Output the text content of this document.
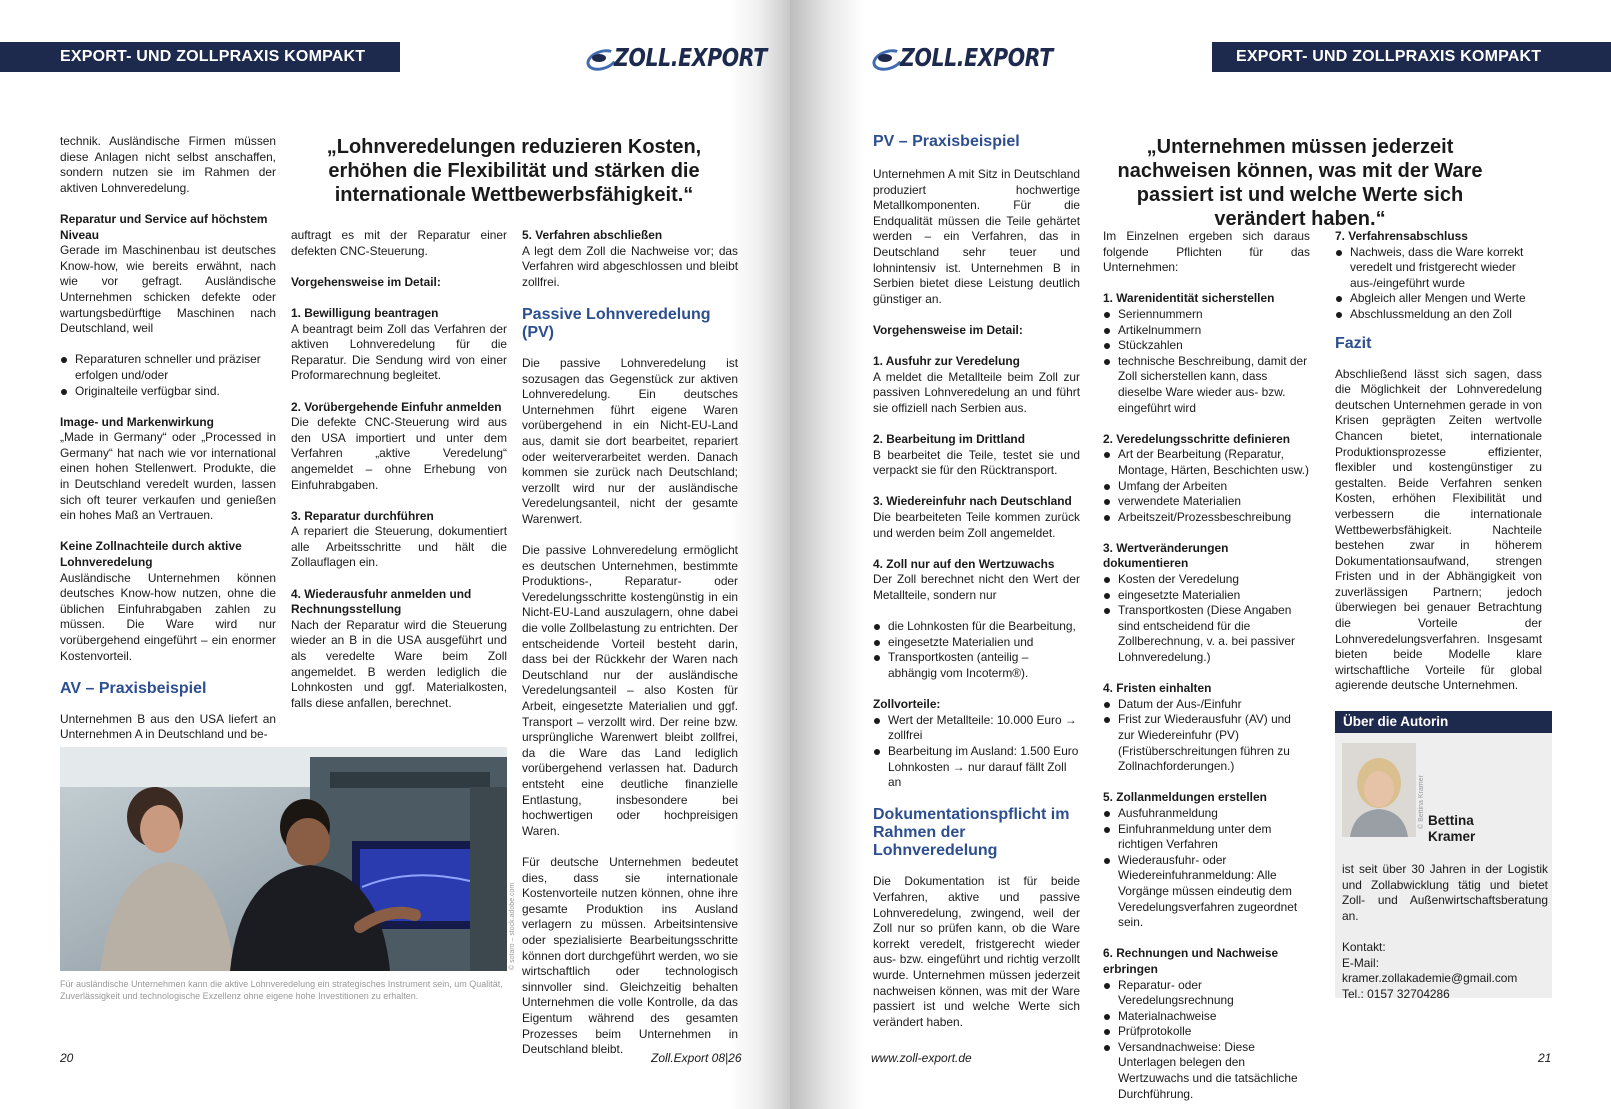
EXPORT- UND ZOLLPRAXIS KOMPAKT	ZOLL.EXPORT

technik. Ausländische Firmen müssen diese Anlagen nicht selbst anschaffen, sondern nutzen sie im Rahmen der aktiven Lohnveredelung.

Reparatur und Service auf höchstem Niveau

Gerade im Maschinenbau ist deutsches Know-how, wie bereits erwähnt, nach wie vor gefragt. Ausländische Unternehmen schicken defekte oder wartungsbedürftige Maschinen nach Deutschland, weil

Reparaturen schneller und präziser erfolgen und/oder
Originalteile verfügbar sind.

Image- und Markenwirkung

„Made in Germany“ oder „Processed in Germany“ hat nach wie vor international einen hohen Stellenwert. Produkte, die in Deutschland veredelt wurden, lassen sich oft teurer verkaufen und genießen ein hohes Maß an Vertrauen.

Keine Zollnachteile durch aktive Lohnveredelung

Ausländische Unternehmen können deutsches Know-how nutzen, ohne die üblichen Einfuhrabgaben zahlen zu müssen. Die Ware wird nur vorübergehend eingeführt – ein enormer Kostenvorteil.

AV – Praxisbeispiel

Unternehmen B aus den USA liefert an Unternehmen A in Deutschland und be-

„Lohnveredelungen reduzieren Kosten, erhöhen die Flexibilität und stärken die internationale Wettbewerbsfähigkeit.“

auftragt es mit der Reparatur einer defekten CNC-Steuerung.

Vorgehensweise im Detail:

1. Bewilligung beantragen

A beantragt beim Zoll das Verfahren der aktiven Lohnveredelung für die Reparatur. Die Sendung wird von einer Proformarechnung begleitet.

2. Vorübergehende Einfuhr anmelden

Die defekte CNC-Steuerung wird aus den USA importiert und unter dem Verfahren „aktive Veredelung“ angemeldet – ohne Erhebung von Einfuhrabgaben.

3. Reparatur durchführen

A repariert die Steuerung, dokumentiert alle Arbeitsschritte und hält die Zollauflagen ein.

4. Wiederausfuhr anmelden und Rechnungsstellung

Nach der Reparatur wird die Steuerung wieder an B in die USA ausgeführt und als veredelte Ware beim Zoll angemeldet. B werden lediglich die Lohnkosten und ggf. Materialkosten, falls diese anfallen, berechnet.

5. Verfahren abschließen

A legt dem Zoll die Nachweise vor; das Verfahren wird abgeschlossen und bleibt zollfrei.

Passive Lohnveredelung (PV)

Die passive Lohnveredelung ist sozusagen das Gegenstück zur aktiven Lohnveredelung. Ein deutsches Unternehmen führt eigene Waren vorübergehend in ein Nicht-EU-Land aus, damit sie dort bearbeitet, repariert oder weiterverarbeitet werden. Danach kommen sie zurück nach Deutschland; verzollt wird nur der ausländische Veredelungsanteil, nicht der gesamte Warenwert.

Die passive Lohnveredelung ermöglicht es deutschen Unternehmen, bestimmte Produktions-, Reparatur- oder Veredelungsschritte kostengünstig in ein Nicht-EU-Land auszulagern, ohne dabei die volle Zollbelastung zu entrichten. Der entscheidende Vorteil besteht darin, dass bei der Rückkehr der Waren nach Deutschland nur der ausländische Veredelungsanteil – also Kosten für Arbeit, eingesetzte Materialien und ggf. Transport – verzollt wird. Der reine bzw. ursprüngliche Warenwert bleibt zollfrei, da die Ware das Land lediglich vorübergehend verlassen hat. Dadurch entsteht eine deutliche finanzielle Entlastung, insbesondere bei hochwertigen oder hochpreisigen Waren.

Für deutsche Unternehmen bedeutet dies, dass sie internationale Kostenvorteile nutzen können, ohne ihre gesamte Produktion ins Ausland verlagern zu müssen. Arbeitsintensive oder spezialisierte Bearbeitungsschritte können dort durchgeführt werden, wo sie wirtschaftlich oder technologisch sinnvoller sind. Gleichzeitig behalten Unternehmen die volle Kontrolle, da das Eigentum während des gesamten Prozesses beim Unternehmen in Deutschland bleibt.

© sotaro – stock.adobe.com
Für ausländische Unternehmen kann die aktive Lohnveredelung ein strategisches Instrument sein, um Qualität, Zuverlässigkeit und technologische Exzellenz ohne eigene hohe Investitionen zu erhalten.
20	Zoll.Export 08|26
ZOLL.EXPORT	EXPORT- UND ZOLLPRAXIS KOMPAKT
PV – Praxisbeispiel

Unternehmen A mit Sitz in Deutschland produziert hochwertige Metallkomponenten. Für die Endqualität müssen die Teile gehärtet werden – ein Verfahren, das in Deutschland sehr teuer und lohnintensiv ist. Unternehmen B in Serbien bietet diese Leistung deutlich günstiger an.

Vorgehensweise im Detail:

1. Ausfuhr zur Veredelung

A meldet die Metallteile beim Zoll zur passiven Lohnveredelung an und führt sie offiziell nach Serbien aus.

2. Bearbeitung im Drittland

B bearbeitet die Teile, testet sie und verpackt sie für den Rücktransport.

3. Wiedereinfuhr nach Deutschland

Die bearbeiteten Teile kommen zurück und werden beim Zoll angemeldet.

4. Zoll nur auf den Wertzuwachs

Der Zoll berechnet nicht den Wert der Metallteile, sondern nur

die Lohnkosten für die Bearbeitung,
eingesetzte Materialien und
Transportkosten (anteilig – abhängig vom Incoterm®).

Zollvorteile:

Wert der Metallteile: 10.000 Euro → zollfrei
Bearbeitung im Ausland: 1.500 Euro Lohnkosten → nur darauf fällt Zoll an
Dokumentationspflicht im Rahmen der Lohnveredelung

Die Dokumentation ist für beide Verfahren, aktive und passive Lohnveredelung, zwingend, weil der Zoll nur so prüfen kann, ob die Ware korrekt veredelt, fristgerecht wieder aus- bzw. eingeführt und richtig verzollt wurde. Unternehmen müssen jederzeit nachweisen können, was mit der Ware passiert ist und welche Werte sich verändert haben.

„Unternehmen müssen jederzeit nachweisen können, was mit der Ware passiert ist und welche Werte sich verändert haben.“

Im Einzelnen ergeben sich daraus folgende Pflichten für das Unternehmen:

1. Warenidentität sicherstellen

Seriennummern
Artikelnummern
Stückzahlen
technische Beschreibung, damit der Zoll sicherstellen kann, dass dieselbe Ware wieder aus- bzw. eingeführt wird

2. Veredelungsschritte definieren

Art der Bearbeitung (Reparatur, Montage, Härten, Beschichten usw.)
Umfang der Arbeiten
verwendete Materialien
Arbeitszeit/Prozessbeschreibung

3. Wertveränderungen dokumentieren

Kosten der Veredelung
eingesetzte Materialien
Transportkosten (Diese Angaben sind entscheidend für die Zollberechnung, v. a. bei passiver Lohnveredelung.)

4. Fristen einhalten

Datum der Aus-/Einfuhr
Frist zur Wiederausfuhr (AV) und zur Wiedereinfuhr (PV) (Fristüberschreitungen führen zu Zollnachforderungen.)

5. Zollanmeldungen erstellen

Ausfuhranmeldung
Einfuhranmeldung unter dem richtigen Verfahren
Wiederausfuhr- oder Wiedereinfuhranmeldung: Alle Vorgänge müssen eindeutig dem Veredelungsverfahren zugeordnet sein.

6. Rechnungen und Nachweise erbringen

Reparatur- oder Veredelungsrechnung
Materialnachweise
Prüfprotokolle
Versandnachweise: Diese Unterlagen belegen den Wertzuwachs und die tatsächliche Durchführung.

7. Verfahrensabschluss

Nachweis, dass die Ware korrekt veredelt und fristgerecht wieder aus-/eingeführt wurde
Abgleich aller Mengen und Werte
Abschlussmeldung an den Zoll
Fazit

Abschließend lässt sich sagen, dass die Möglichkeit der Lohnveredelung deutschen Unternehmen gerade in von Krisen geprägten Zeiten wertvolle Chancen bietet, internationale Produktionsprozesse effizienter, flexibler und kostengünstiger zu gestalten. Beide Verfahren senken Kosten, erhöhen Flexibilität und verbessern die internationale Wettbewerbsfähigkeit. Nachteile bestehen zwar in höherem Dokumentationsaufwand, strengen Fristen und in der Abhängigkeit von zuverlässigen Partnern; jedoch überwiegen bei genauer Betrachtung die Vorteile der Lohnveredelungsverfahren. Insgesamt bieten beide Modelle klare wirtschaftliche Vorteile für global agierende deutsche Unternehmen.

www.zoll-export.de	21
Über die Autorin
© Bettina Kramer Bettina
Kramer

ist seit über 30 Jahren in der Logistik und Zollabwicklung tätig und bietet Zoll- und Außenwirtschaftsberatung an.

Kontakt:
E-Mail:
kramer.zollakademie@gmail.com
Tel.: 0157 32704286
